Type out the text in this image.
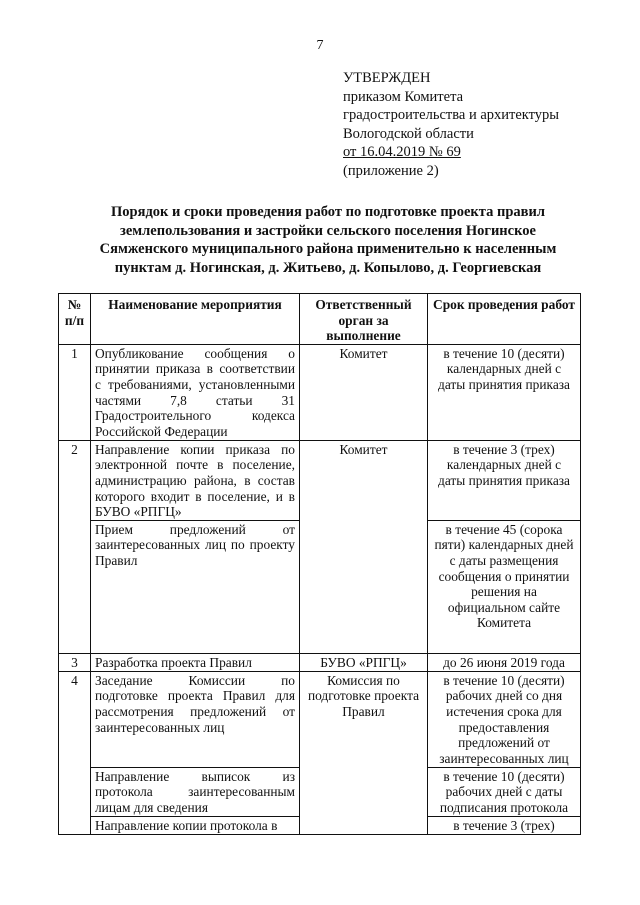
7
УТВЕРЖДЕН
приказом Комитета
градостроительства и архитектуры
Вологодской области
от 16.04.2019 № 69
(приложение 2)
Порядок и сроки проведения работ по подготовке проекта правил
землепользования и застройки сельского поселения Ногинское
Сямженского муниципального района применительно к населенным
пунктам д. Ногинская, д. Житьево, д. Копылово, д. Георгиевская
№ п/п	Наименование мероприятия	Ответственный орган за выполнение	Срок проведения работ
1	Опубликование сообщения о принятии приказа в соответствии с требованиями, установленными частями 7,8 статьи 31 Градостроительного кодекса Российской Федерации	Комитет	в течение 10 (десяти) календарных дней с даты принятия приказа
2	Направление копии приказа по электронной почте в поселение, администрацию района, в состав которого входит в поселение, и в БУВО «РПГЦ»	Комитет	в течение 3 (трех) календарных дней с даты принятия приказа
	Прием предложений от заинтересованных лиц по проекту Правил		в течение 45 (сорока пяти) календарных дней с даты размещения сообщения о принятии решения на официальном сайте Комитета
3	Разработка проекта Правил	БУВО «РПГЦ»	до 26 июня 2019 года
4	Заседание Комиссии по подготовке проекта Правил для рассмотрения предложений от заинтересованных лиц	Комиссия по подготовке проекта Правил	в течение 10 (десяти) рабочих дней со дня истечения срока для предоставления предложений от заинтересованных лиц
	Направление выписок из протокола заинтересованным лицам для сведения		в течение 10 (десяти) рабочих дней с даты подписания протокола
	Направление копии протокола в		в течение 3 (трех)
